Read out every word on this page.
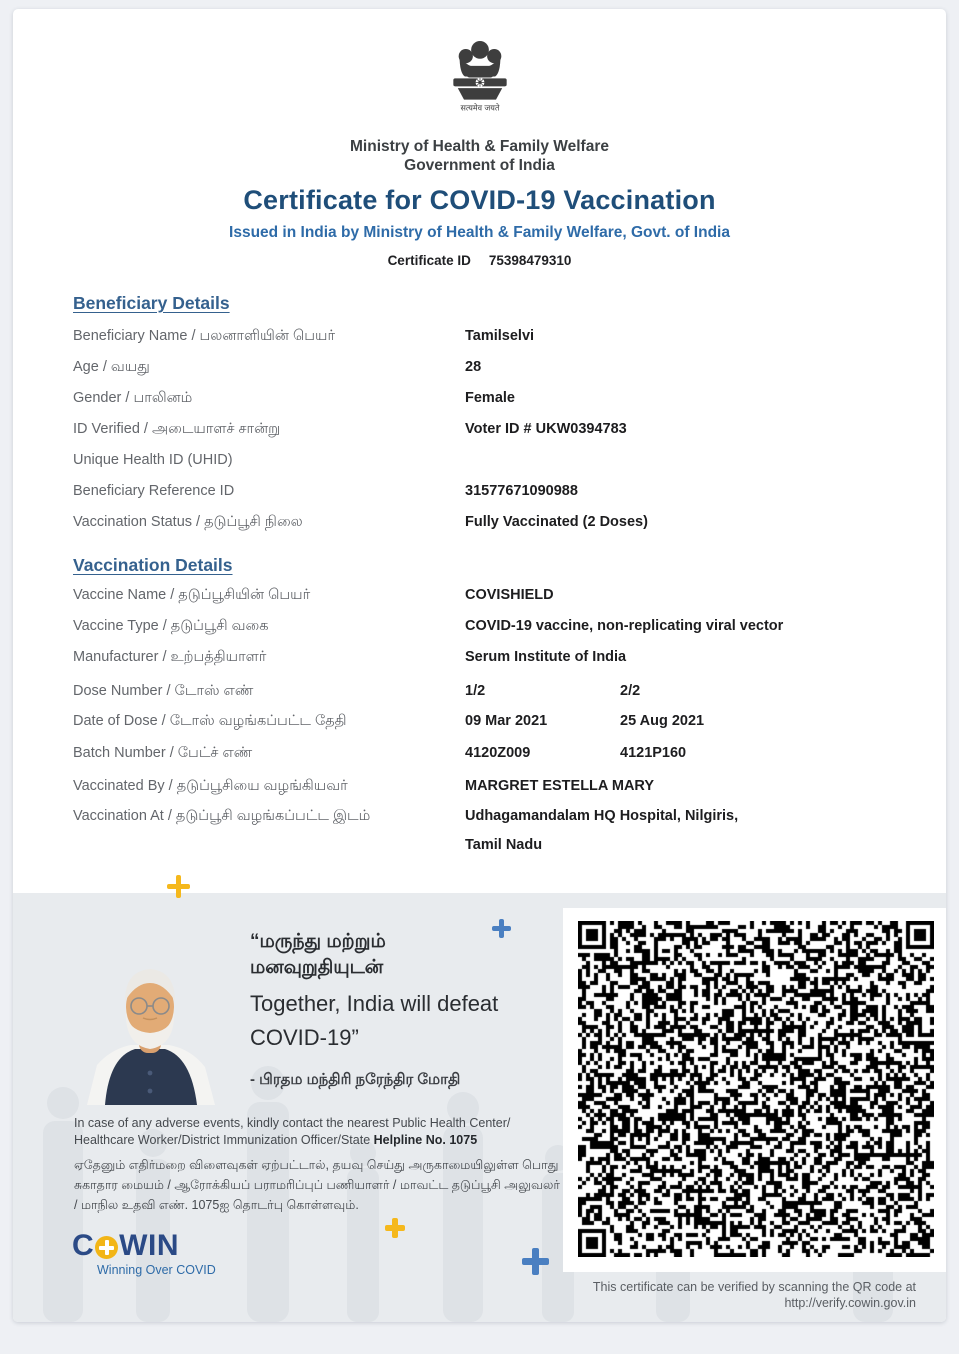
सत्यमेव जयते
Ministry of Health & Family Welfare
Government of India
Certificate for COVID-19 Vaccination
Issued in India by Ministry of Health & Family Welfare, Govt. of India
Certificate ID 75398479310
Beneficiary Details
Beneficiary Name / பலனாளியின் பெயர்	Tamilselvi
Age / வயது	28
Gender / பாலினம்	Female
ID Verified / அடையாளச் சான்று	Voter ID # UKW0394783
Unique Health ID (UHID)
Beneficiary Reference ID	31577671090988
Vaccination Status / தடுப்பூசி நிலை	Fully Vaccinated (2 Doses)
Vaccination Details
Vaccine Name / தடுப்பூசியின் பெயர்	COVISHIELD
Vaccine Type / தடுப்பூசி வகை	COVID-19 vaccine, non-replicating viral vector
Manufacturer / உற்பத்தியாளர்	Serum Institute of India
Dose Number / டோஸ் எண்	1/2	2/2
Date of Dose / டோஸ் வழங்கப்பட்ட தேதி	09 Mar 2021	25 Aug 2021
Batch Number / பேட்ச் எண்	4120Z009	4121P160
Vaccinated By / தடுப்பூசியை வழங்கியவர்	MARGRET ESTELLA MARY
Vaccination At / தடுப்பூசி வழங்கப்பட்ட இடம்	Udhagamandalam HQ Hospital, Nilgiris,
Tamil Nadu
“மருந்து மற்றும்
மனவுறுதியுடன்
Together, India will defeat
COVID-19”
- பிரதம மந்திரி நரேந்திர மோதி
In case of any adverse events, kindly contact the nearest Public Health Center/
Healthcare Worker/District Immunization Officer/State Helpline No. 1075
ஏதேனும் எதிர்மறை விளைவுகள் ஏற்பட்டால், தயவு செய்து அருகாமையிலுள்ள பொது சுகாதார மையம் / ஆரோக்கியப் பராமரிப்புப் பணியாளர் / மாவட்ட தடுப்பூசி அலுவலர் / மாநில உதவி எண். 1075ஐ தொடர்பு கொள்ளவும்.
C WIN
Winning Over COVID
This certificate can be verified by scanning the QR code at
http://verify.cowin.gov.in
